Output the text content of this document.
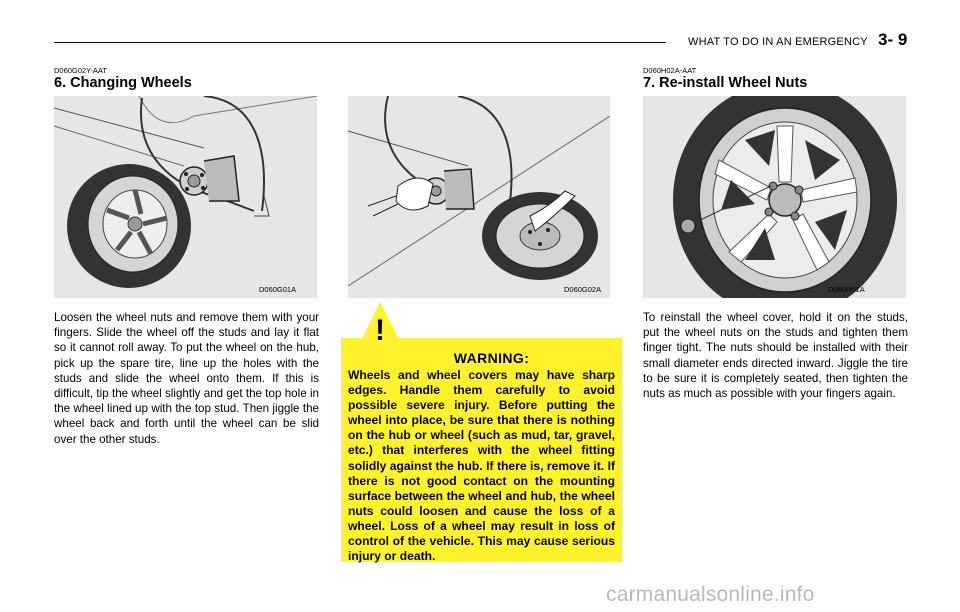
WHAT TO DO IN AN EMERGENCY 3- 9
D060G02Y-AAT
6. Changing Wheels
D060G01A	D060G02A
Loosen the wheel nuts and remove them with your fingers. Slide the wheel off the studs and lay it flat so it cannot roll away. To put the wheel on the hub, pick up the spare tire, line up the holes with the studs and slide the wheel onto them. If this is difficult, tip the wheel slightly and get the top hole in the wheel lined up with the top stud. Then jiggle the wheel back and forth until the wheel can be slid over the other studs.
WARNING:
Wheels and wheel covers may have sharp edges. Handle them carefully to avoid possible severe injury. Before putting the wheel into place, be sure that there is nothing on the hub or wheel (such as mud, tar, gravel, etc.) that interferes with the wheel fitting solidly against the hub. If there is, remove it. If there is not good contact on the mounting surface between the wheel and hub, the wheel nuts could loosen and cause the loss of a wheel. Loss of a wheel may result in loss of control of the vehicle. This may cause serious injury or death.
!
D060H02A-AAT
7. Re-install Wheel Nuts
D060H01A
To reinstall the wheel cover, hold it on the studs, put the wheel nuts on the studs and tighten them finger tight. The nuts should be installed with their small diameter ends directed inward. Jiggle the tire to be sure it is completely seated, then tighten the nuts as much as possible with your fingers again.
carmanualsonline.info
